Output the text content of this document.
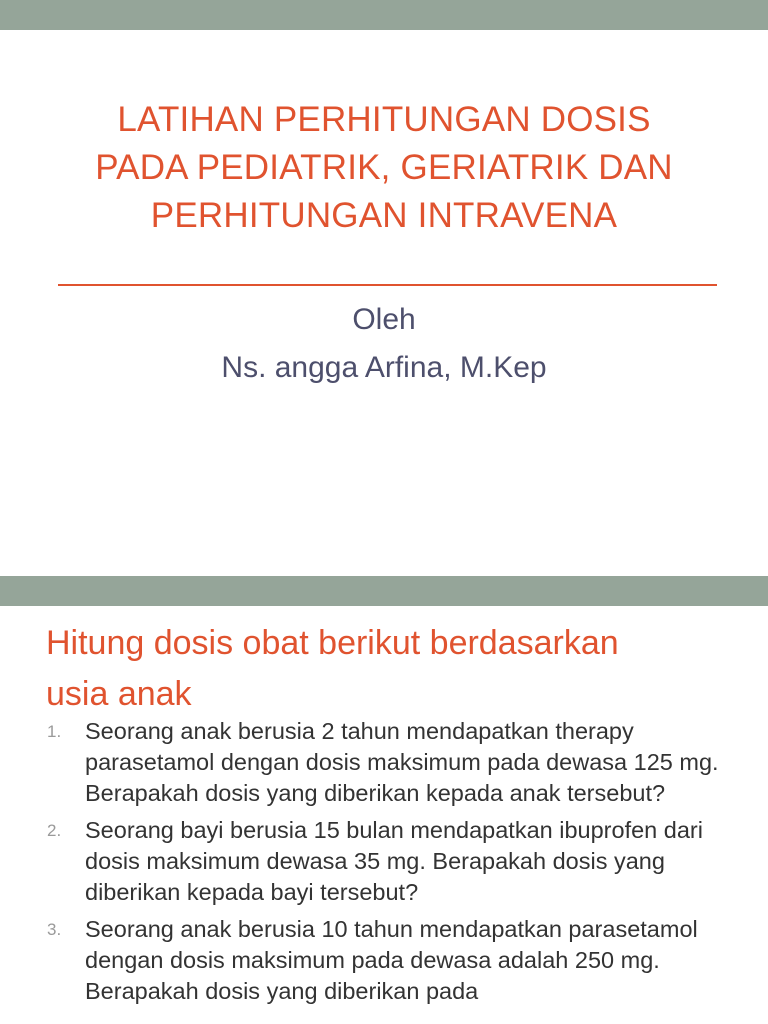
LATIHAN PERHITUNGAN DOSIS
PADA PEDIATRIK, GERIATRIK DAN
PERHITUNGAN INTRAVENA
Oleh
Ns. angga Arfina, M.Kep
Hitung dosis obat berikut berdasarkan
usia anak
1. Seorang anak berusia 2 tahun mendapatkan therapy parasetamol dengan dosis maksimum pada dewasa 125 mg. Berapakah dosis yang diberikan kepada anak tersebut?
2. Seorang bayi berusia 15 bulan mendapatkan ibuprofen dari dosis maksimum dewasa 35 mg. Berapakah dosis yang diberikan kepada bayi tersebut?
3. Seorang anak berusia 10 tahun mendapatkan parasetamol dengan dosis maksimum pada dewasa adalah 250 mg. Berapakah dosis yang diberikan pada
